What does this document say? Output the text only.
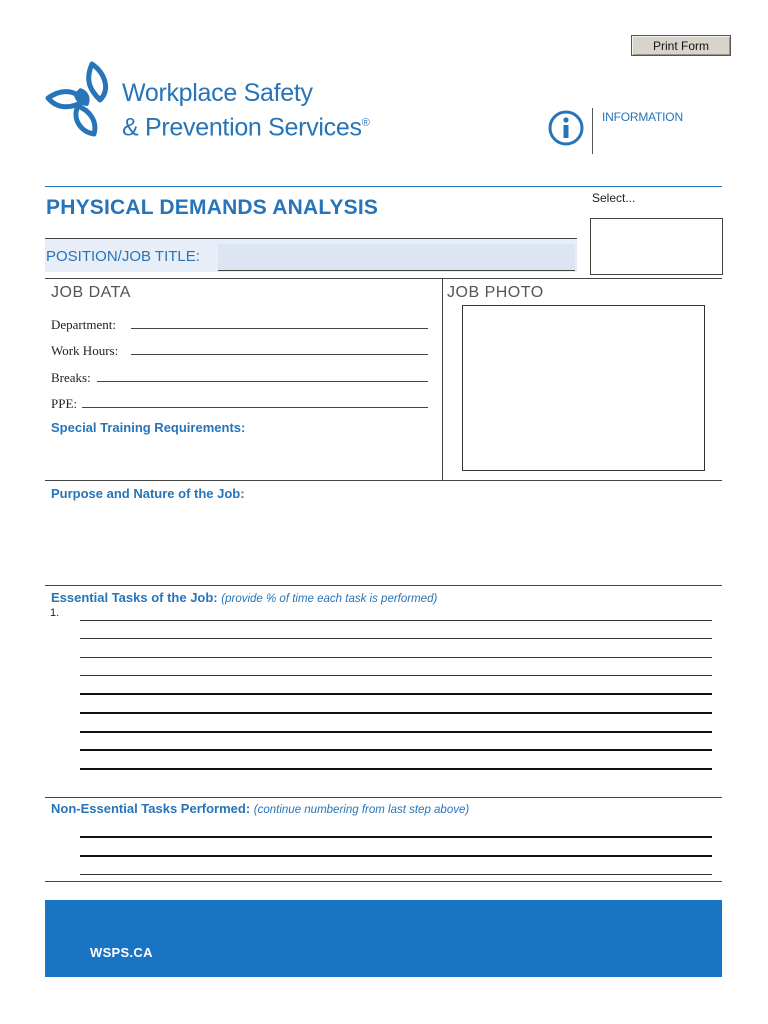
Print Form
Workplace Safety
& Prevention Services®	INFORMATION
Select...
PHYSICAL DEMANDS ANALYSIS
POSITION/JOB TITLE:
JOB DATA
Department:
Work Hours:
Breaks:
PPE:
Special Training Requirements:
JOB PHOTO
Purpose and Nature of the Job:
Essential Tasks of the Job: (provide % of time each task is performed)
1.
Non-Essential Tasks Performed: (continue numbering from last step above)
WSPS.CA
